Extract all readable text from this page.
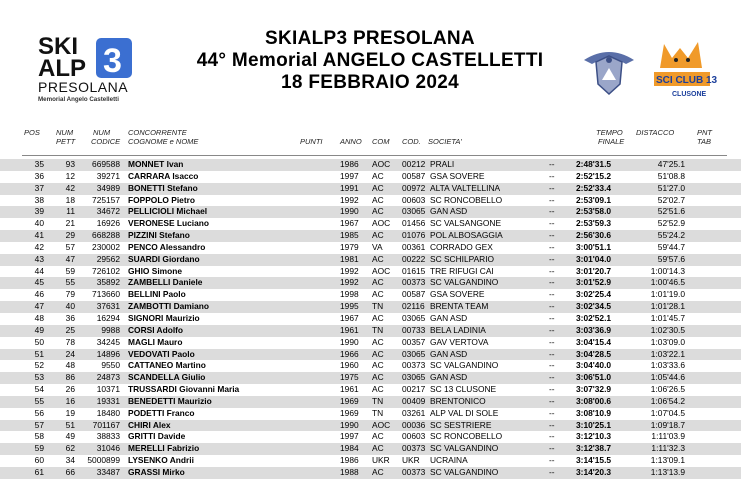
SKI
ALP 3
PRESOLANA
Memorial Angelo Castelletti
SKIALP3 PRESOLANA
44° Memorial ANGELO CASTELLETTI
18 FEBBRAIO 2024	SCI CLUB 13
CLUSONE
POS NUM
PETT
NUM
CODICE
CONCORRENTE
COGNOME e NOME	PUNTI ANNO COM COD. SOCIETA'
TEMPO
FINALE
DISTACCO	PNT
TAB
35	93	669588 MONNET Ivan	1986 AOC 00212 PRALI	--	2:48'31.5	47'25.1
36	12	39271 CARRARA Isacco	1997 AC 00587 GSA SOVERE	--	2:52'15.2	51'08.8
37	42	34989 BONETTI Stefano	1991 AC 00972 ALTA VALTELLINA	--	2:52'33.4	51'27.0
38	18	725157 FOPPOLO Pietro	1992 AC 00603 SC RONCOBELLO	--	2:53'09.1	52'02.7
39	11	34672 PELLICIOLI Michael	1990 AC 03065 GAN ASD	--	2:53'58.0	52'51.6
40	21	16926 VERONESE Luciano	1967 AOC 01456 SC VALSANGONE	--	2:53'59.3	52'52.9
41	29	668288 PIZZINI Stefano	1985 AC 01076 POL ALBOSAGGIA	--	2:56'30.6	55'24.2
42	57	230002 PENCO Alessandro	1979 VA 00361 CORRADO GEX	--	3:00'51.1	59'44.7
43	47	29562 SUARDI Giordano	1981 AC 00222 SC SCHILPARIO	--	3:01'04.0	59'57.6
44	59	726102 GHIO Simone	1992 AOC 01615 TRE RIFUGI CAI	--	3:01'20.7	1:00'14.3
45	55	35892 ZAMBELLI Daniele	1992 AC 00373 SC VALGANDINO	--	3:01'52.9	1:00'46.5
46	79	713660 BELLINI Paolo	1998 AC 00587 GSA SOVERE	--	3:02'25.4	1:01'19.0
47	40	37631 ZAMBOTTI Damiano	1995 TN 02116 BRENTA TEAM	--	3:02'34.5	1:01'28.1
48	36	16294 SIGNORI Maurizio	1967 AC 03065 GAN ASD	--	3:02'52.1	1:01'45.7
49	25	9988 CORSI Adolfo	1961 TN 00733 BELA LADINIA	--	3:03'36.9	1:02'30.5
50	78	34245 MAGLI Mauro	1990 AC 00357 GAV VERTOVA	--	3:04'15.4	1:03'09.0
51	24	14896 VEDOVATI Paolo	1966 AC 03065 GAN ASD	--	3:04'28.5	1:03'22.1
52	48	9550 CATTANEO Martino	1960 AC 00373 SC VALGANDINO	--	3:04'40.0	1:03'33.6
53	86	24873 SCANDELLA Giulio	1975 AC 03065 GAN ASD	--	3:06'51.0	1:05'44.6
54	26	10371 TRUSSARDI Giovanni Maria	1961 AC 00217 SC 13 CLUSONE	--	3:07'32.9	1:06'26.5
55	16	19331 BENEDETTI Maurizio	1969 TN 00409 BRENTONICO	--	3:08'00.6	1:06'54.2
56	19	18480 PODETTI Franco	1969 TN 03261 ALP VAL DI SOLE	--	3:08'10.9	1:07'04.5
57	51	701167 CHIRI Alex	1990 AOC 00036 SC SESTRIERE	--	3:10'25.1	1:09'18.7
58	49	38833 GRITTI Davide	1997 AC 00603 SC RONCOBELLO	--	3:12'10.3	1:11'03.9
59	62	31046 MERELLI Fabrizio	1984 AC 00373 SC VALGANDINO	--	3:12'38.7	1:11'32.3
60	34	5000899 LYSENKO Andrii	1986 UKR UKR UCRAINA	--	3:14'15.5	1:13'09.1
61	66	33487 GRASSI Mirko	1988 AC 00373 SC VALGANDINO	--	3:14'20.3	1:13'13.9
